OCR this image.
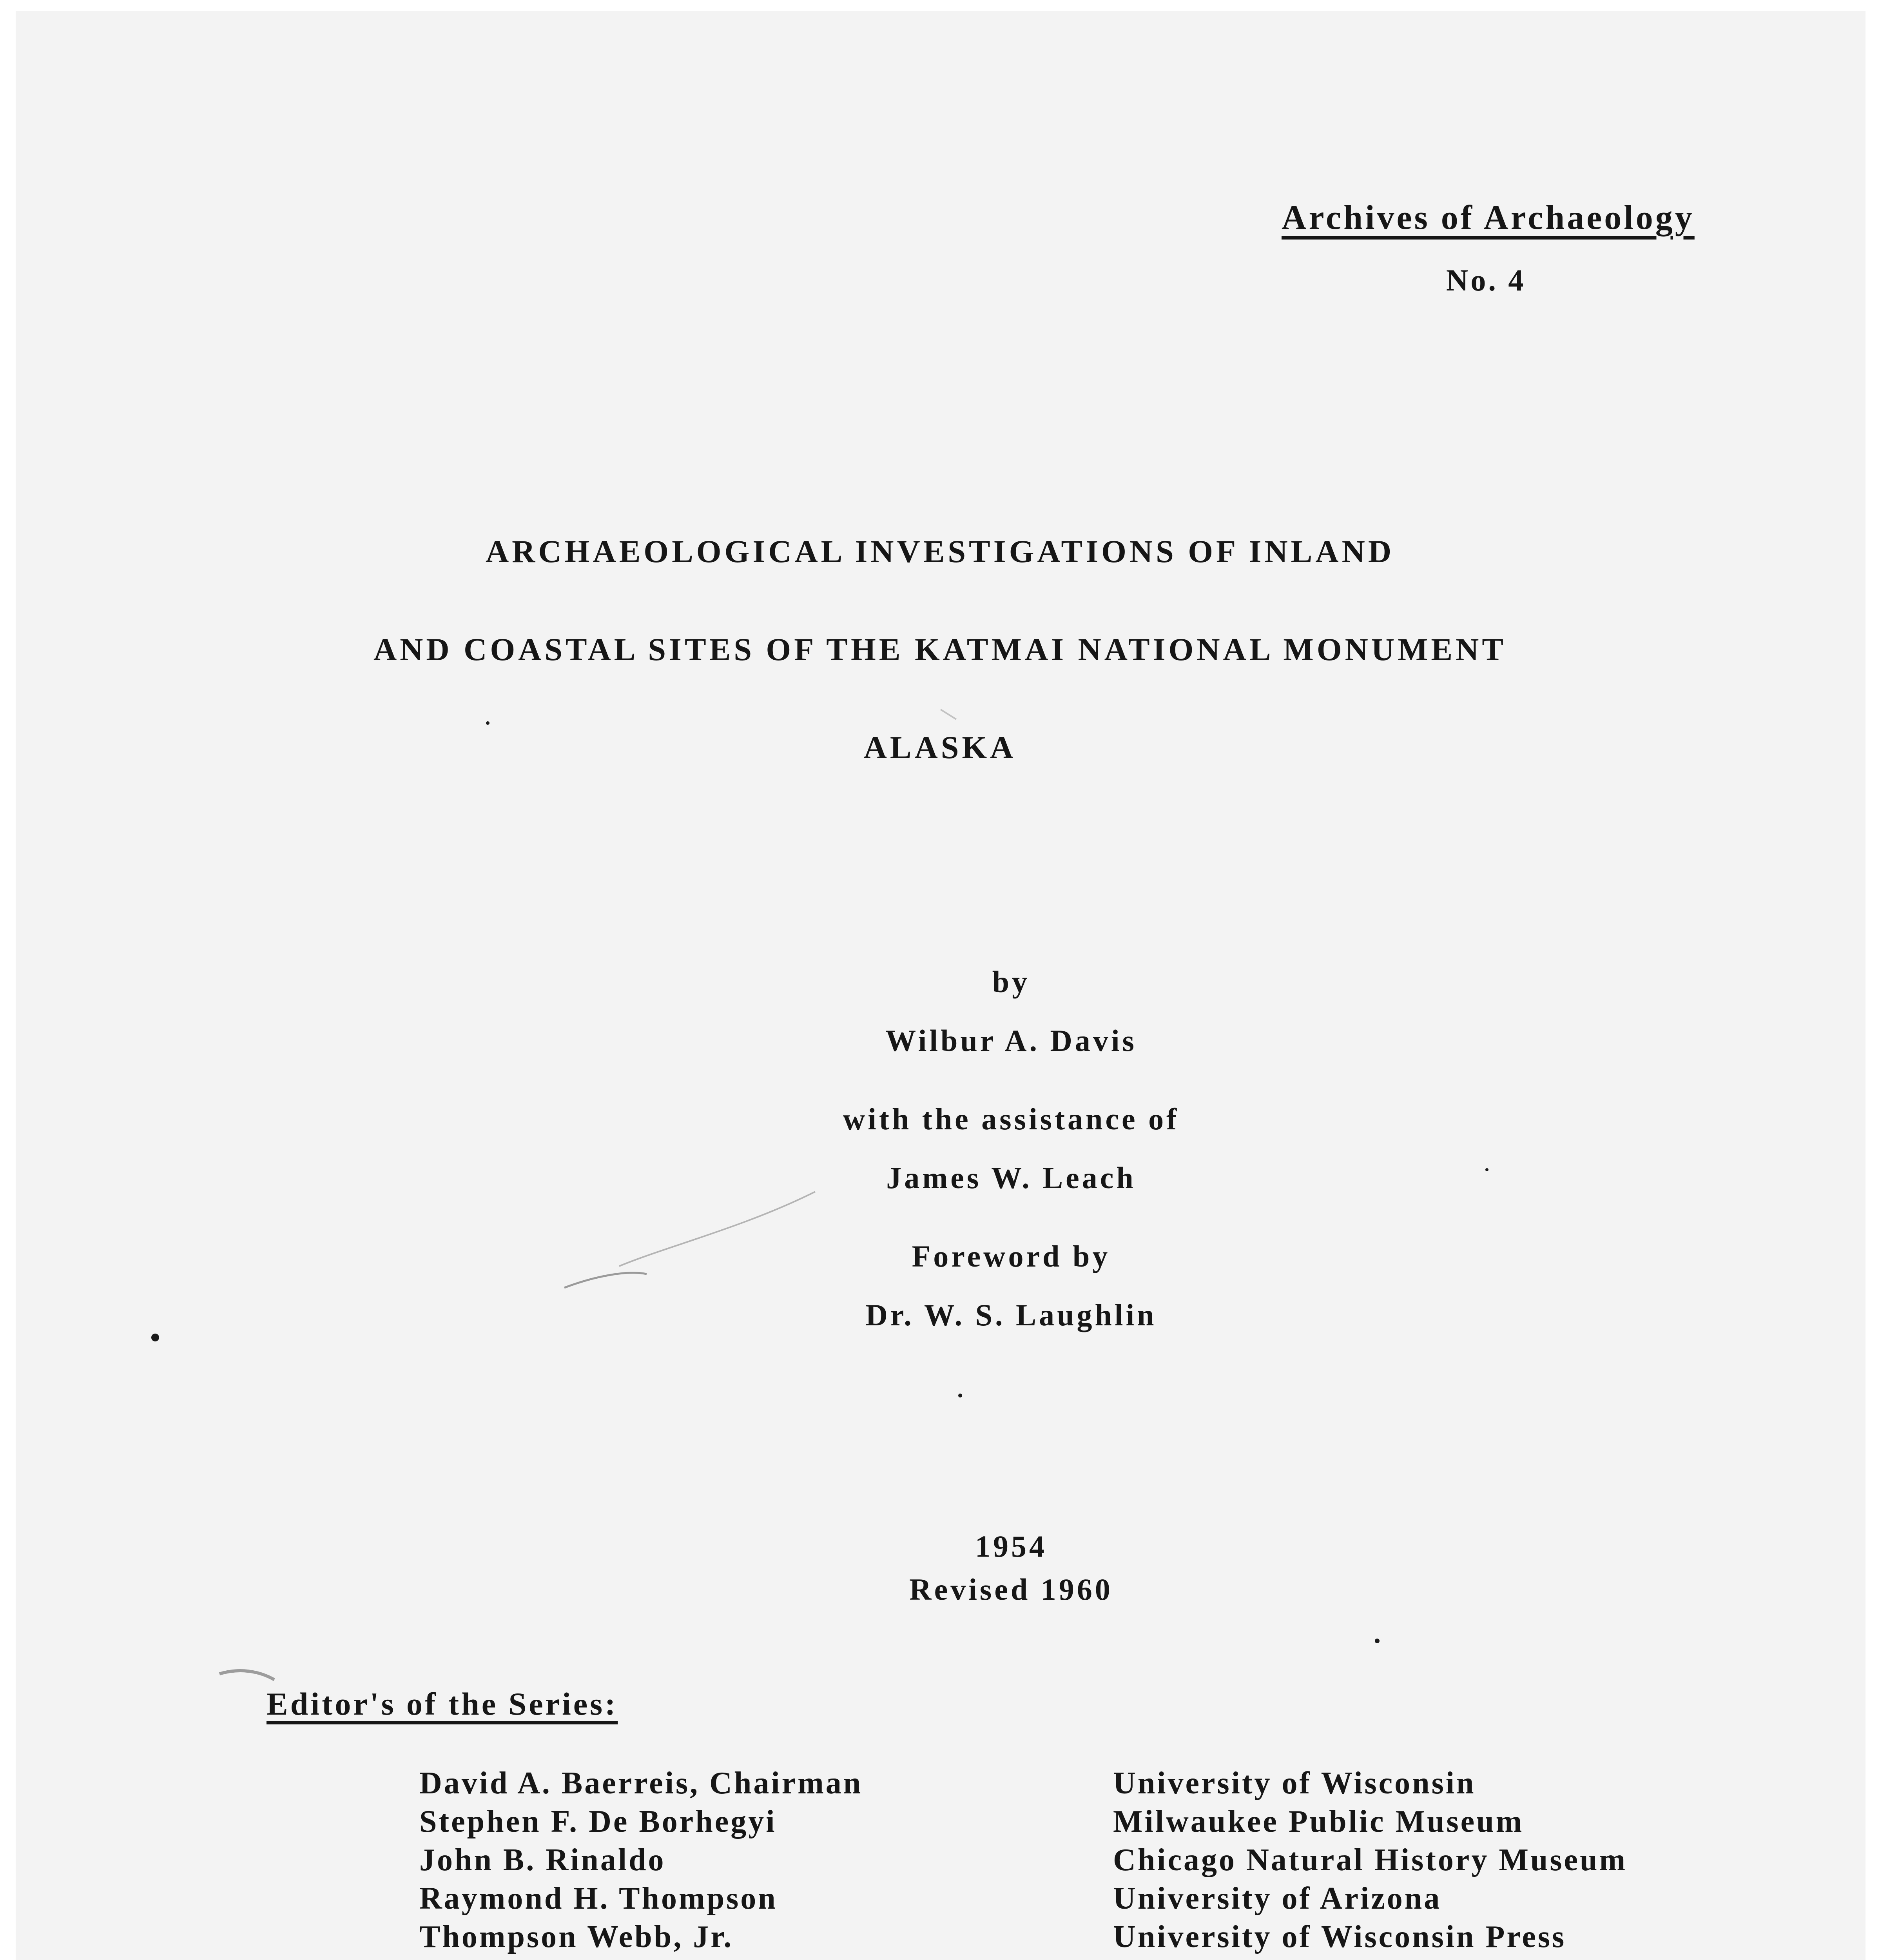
Archives of Archaeology
No. 4
ARCHAEOLOGICAL INVESTIGATIONS OF INLAND
AND COASTAL SITES OF THE KATMAI NATIONAL MONUMENT
ALASKA
by
Wilbur A. Davis
with the assistance of
James W. Leach
Foreword by
Dr. W. S. Laughlin
1954
Revised 1960
Editor's of the Series:
David A. Baerreis, Chairman
Stephen F. De Borhegyi
John B. Rinaldo
Raymond H. Thompson
Thompson Webb, Jr.
University of Wisconsin
Milwaukee Public Museum
Chicago Natural History Museum
University of Arizona
University of Wisconsin Press
